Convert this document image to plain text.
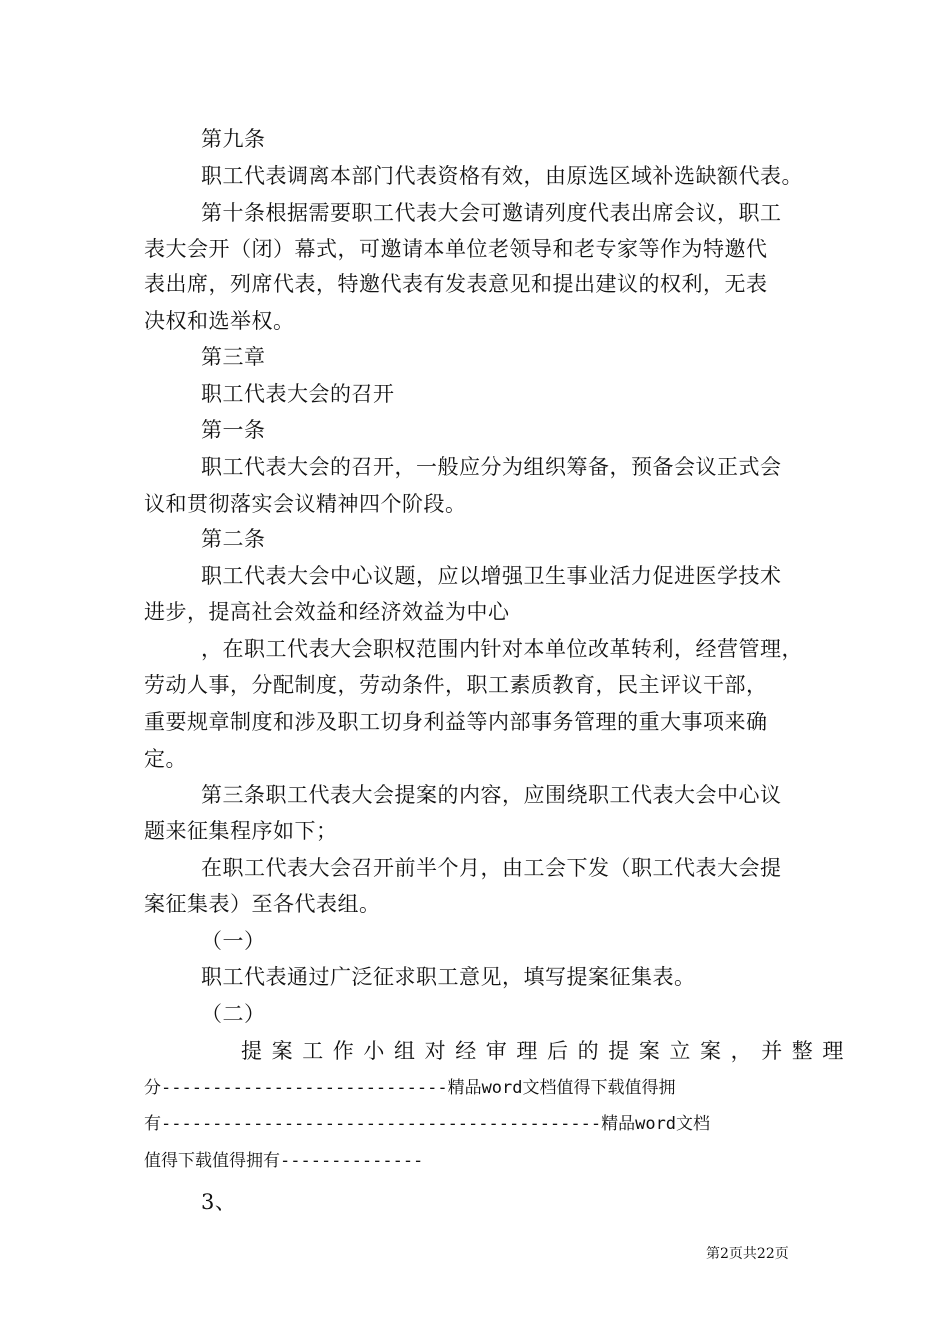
第九条
职工代表调离本部门代表资格有效，由原选区域补选缺额代表。
第十条根据需要职工代表大会可邀请列度代表出席会议，职工
表大会开（闭）幕式，可邀请本单位老领导和老专家等作为特邀代
表出席，列席代表，特邀代表有发表意见和提出建议的权利，无表
决权和选举权。
第三章
职工代表大会的召开
第一条
职工代表大会的召开，一般应分为组织筹备，预备会议正式会
议和贯彻落实会议精神四个阶段。
第二条
职工代表大会中心议题，应以增强卫生事业活力促进医学技术
进步，提高社会效益和经济效益为中心
，在职工代表大会职权范围内针对本单位改革转利，经营管理，
劳动人事，分配制度，劳动条件，职工素质教育，民主评议干部，
重要规章制度和涉及职工切身利益等内部事务管理的重大事项来确
定。
第三条职工代表大会提案的内容，应围绕职工代表大会中心议
题来征集程序如下；
在职工代表大会召开前半个月，由工会下发（职工代表大会提
案征集表）至各代表组。
（一）
职工代表通过广泛征求职工意见，填写提案征集表。
（二）
提案工作小组对经审理后的提案立案，并整理
分----------------------------精品word文档值得下载值得拥
有-------------------------------------------精品word文档
值得下载值得拥有--------------
3、
第2页共22页
